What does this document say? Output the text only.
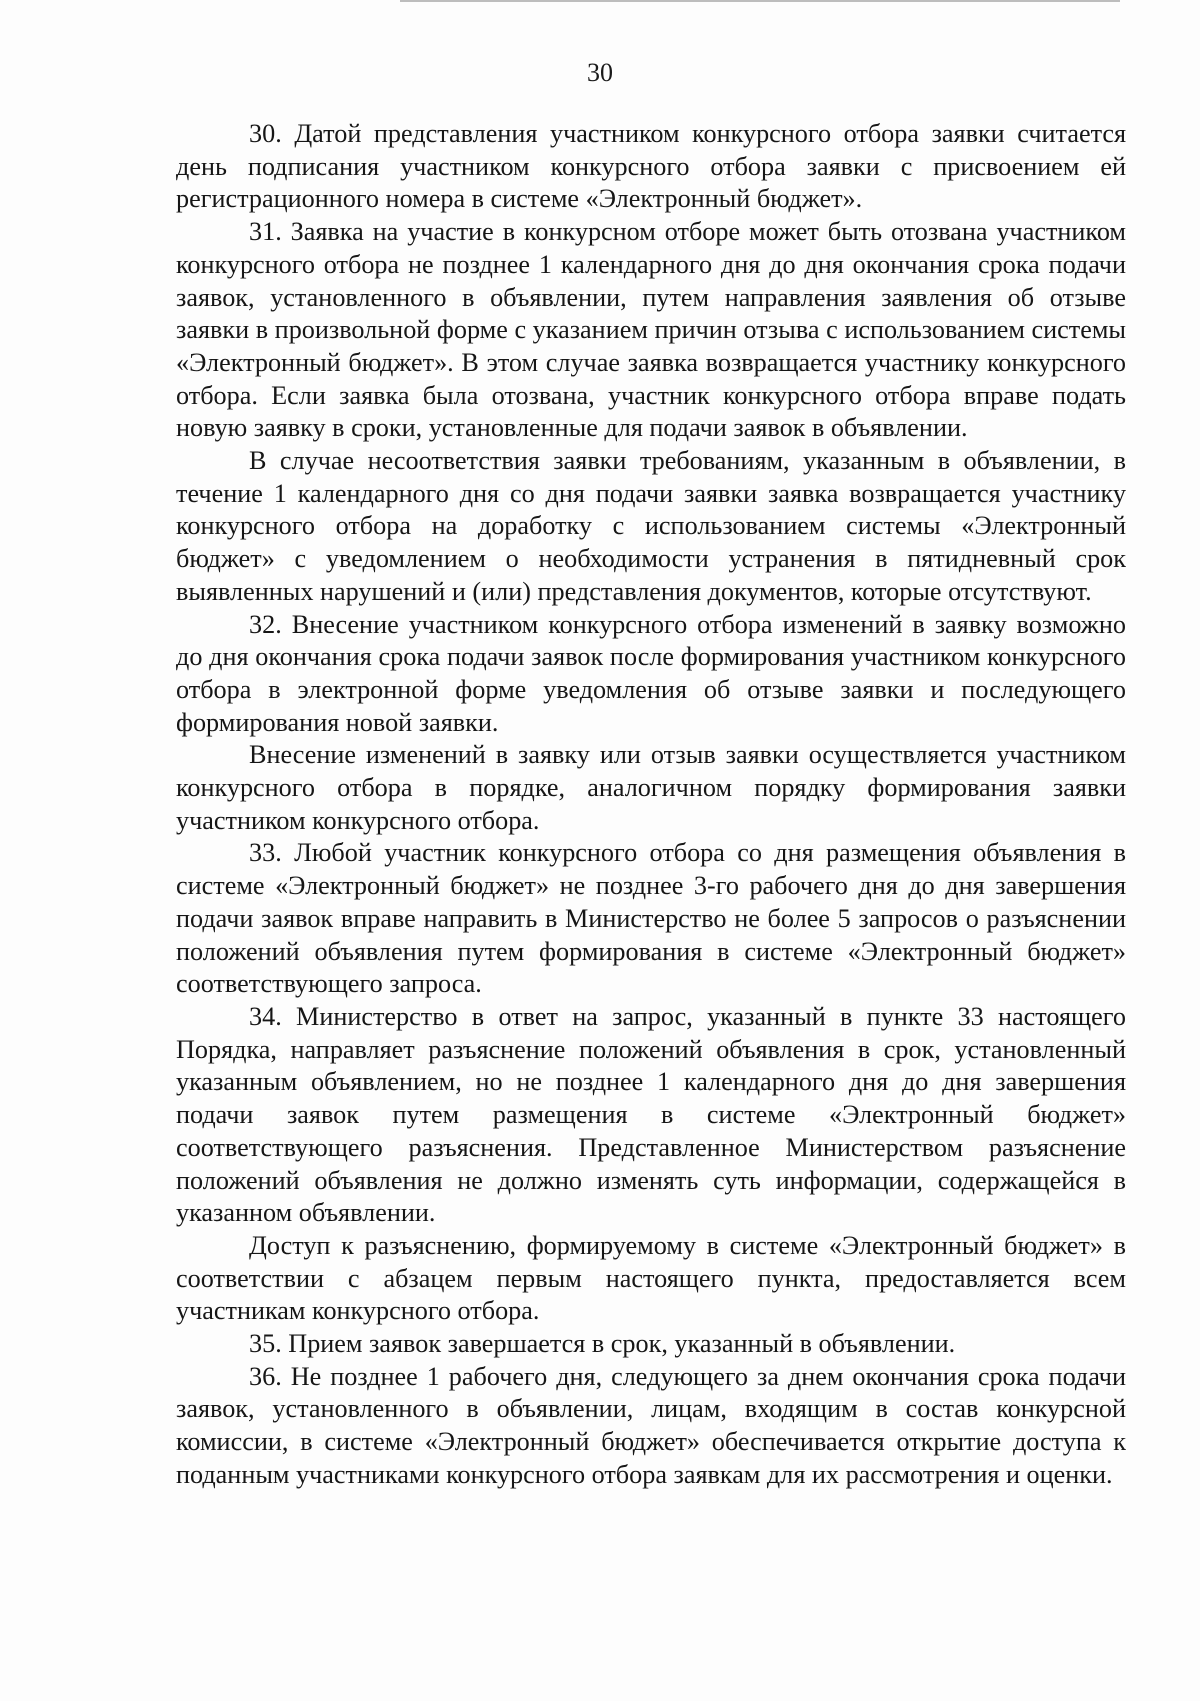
30

30. Датой представления участником конкурсного отбора заявки считается день подписания участником конкурсного отбора заявки с присвоением ей регистрационного номера в системе «Электронный бюджет».

31. Заявка на участие в конкурсном отборе может быть отозвана участником конкурсного отбора не позднее 1 календарного дня до дня окончания срока подачи заявок, установленного в объявлении, путем направления заявления об отзыве заявки в произвольной форме с указанием причин отзыва с использованием системы «Электронный бюджет». В этом случае заявка возвращается участнику конкурсного отбора. Если заявка была отозвана, участник конкурсного отбора вправе подать новую заявку в сроки, установленные для подачи заявок в объявлении.

В случае несоответствия заявки требованиям, указанным в объявлении, в течение 1 календарного дня со дня подачи заявки заявка возвращается участнику конкурсного отбора на доработку с использованием системы «Электронный бюджет» с уведомлением о необходимости устранения в пятидневный срок выявленных нарушений и (или) представления документов, которые отсутствуют.

32. Внесение участником конкурсного отбора изменений в заявку возможно до дня окончания срока подачи заявок после формирования участником конкурсного отбора в электронной форме уведомления об отзыве заявки и последующего формирования новой заявки.

Внесение изменений в заявку или отзыв заявки осуществляется участником конкурсного отбора в порядке, аналогичном порядку формирования заявки участником конкурсного отбора.

33. Любой участник конкурсного отбора со дня размещения объявления в системе «Электронный бюджет» не позднее 3-го рабочего дня до дня завершения подачи заявок вправе направить в Министерство не более 5 запросов о разъяснении положений объявления путем формирования в системе «Электронный бюджет» соответствующего запроса.

34. Министерство в ответ на запрос, указанный в пункте 33 настоящего Порядка, направляет разъяснение положений объявления в срок, установленный указанным объявлением, но не позднее 1 календарного дня до дня завершения подачи заявок путем размещения в системе «Электронный бюджет» соответствующего разъяснения. Представленное Министерством разъяснение положений объявления не должно изменять суть информации, содержащейся в указанном объявлении.

Доступ к разъяснению, формируемому в системе «Электронный бюджет» в соответствии с абзацем первым настоящего пункта, предоставляется всем участникам конкурсного отбора.

35. Прием заявок завершается в срок, указанный в объявлении.

36. Не позднее 1 рабочего дня, следующего за днем окончания срока подачи заявок, установленного в объявлении, лицам, входящим в состав конкурсной комиссии, в системе «Электронный бюджет» обеспечивается открытие доступа к поданным участниками конкурсного отбора заявкам для их рассмотрения и оценки.
